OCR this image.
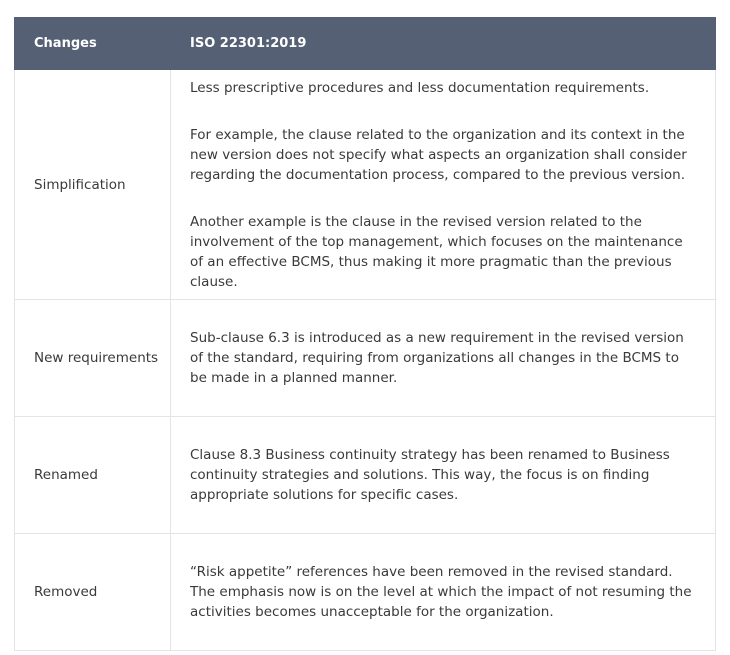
Changes	ISO 22301:2019
Simplification	Less prescriptive procedures and less documentation requirements.

For example, the clause related to the organization and its context in the new version does not specify what aspects an organization shall consider regarding the documentation process, compared to the previous version.

Another example is the clause in the revised version related to the involvement of the top management, which focuses on the maintenance of an effective BCMS, thus making it more pragmatic than the previous clause.

New requirements	Sub-clause 6.3 is introduced as a new requirement in the revised version of the standard, requiring from organizations all changes in the BCMS to be made in a planned manner.

Renamed	Clause 8.3 Business continuity strategy has been renamed to Business continuity strategies and solutions. This way, the focus is on finding appropriate solutions for specific cases.

Removed	“Risk appetite” references have been removed in the revised standard. The emphasis now is on the level at which the impact of not resuming the activities becomes unacceptable for the organization.
